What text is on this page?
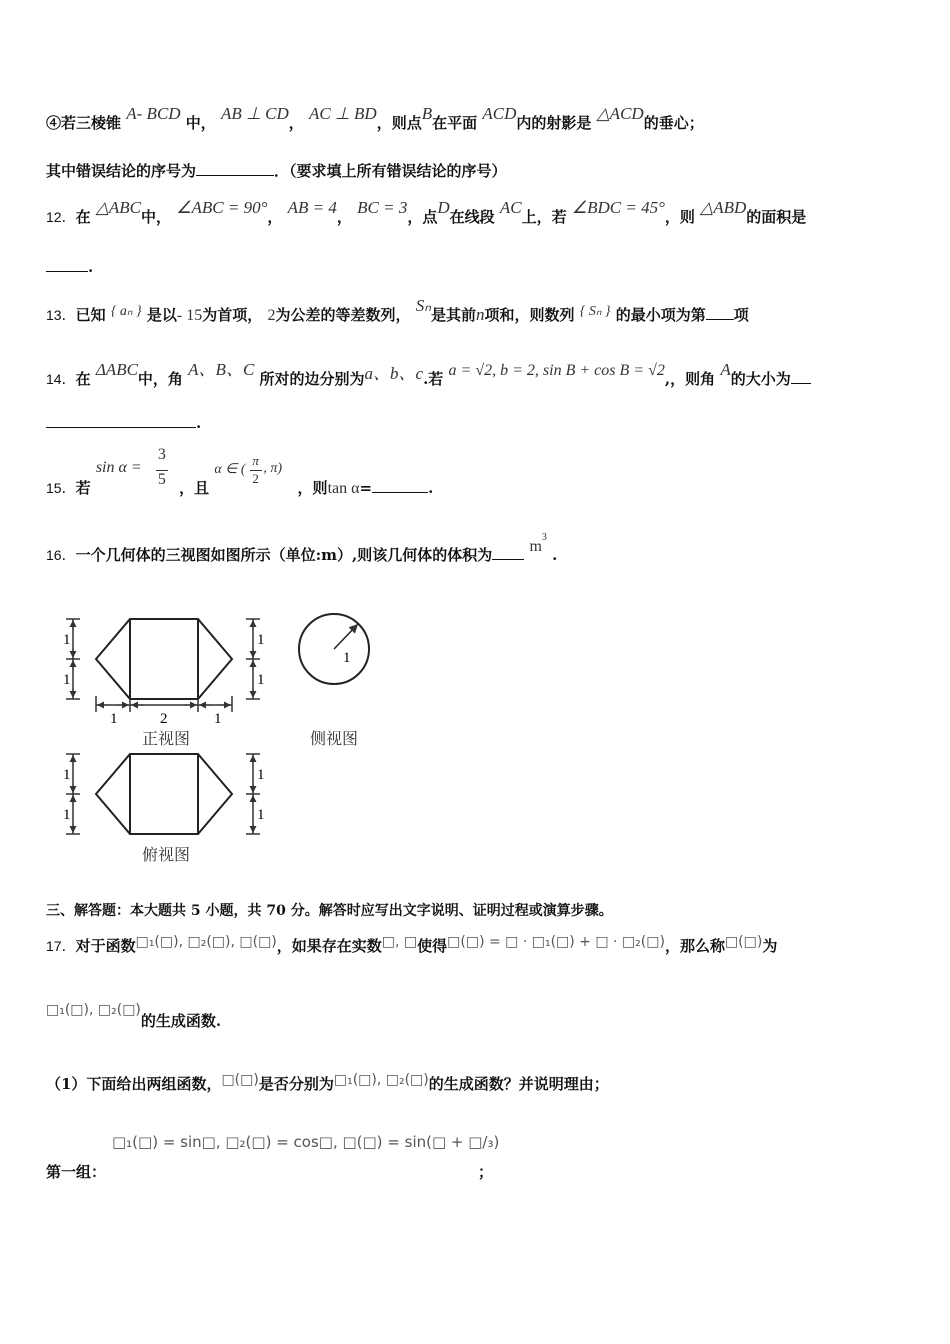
④若三棱锥 A- BCD 中， AB ⊥ CD， AC ⊥ BD，则点B在平面 ACD内的射影是 △ACD的垂心；
其中错误结论的序号为	．（要求填上所有错误结论的序号）
12．在 △ABC中， ∠ABC = 90°， AB = 4， BC = 3，点D在线段 AC上，若 ∠BDC = 45°，则 △ABD的面积是
.
13．已知 { aₙ } 是以- 15为首项， 2为公差的等差数列， Sₙ是其前n项和，则数列 { Sₙ } 的最小项为第 项
14．在 ΔABC中，角 A、B、C 所对的边分别为a、b、c.若 a = √2, b = 2, sin B + cos B = √2,，则角 A的大小为
.
15．若
sin α =
3
5 ，且
α ∈ (
π
2
, π)
，则tan α=	.
16．一个几何体的三视图如图所示（单位:m）,则该几何体的体积为 $m^3$ .
1
1
1
1
1	2	1
正视图
1
侧视图
1
1
1
1
俯视图
三、解答题：本大题共 5 小题，共 70 分。解答时应写出文字说明、证明过程或演算步骤。
17．对于函数□₁(□), □₂(□), □(□)，如果存在实数□, □使得□(□) = □ · □₁(□) + □ · □₂(□)，那么称□(□)为
□₁(□), □₂(□)的生成函数.
（1）下面给出两组函数，□(□)是否分别为□₁(□), □₂(□)的生成函数？并说明理由；
□₁(□) = sin□, □₂(□) = cos□, □(□) = sin(□ + □/₃)
第一组：	；
